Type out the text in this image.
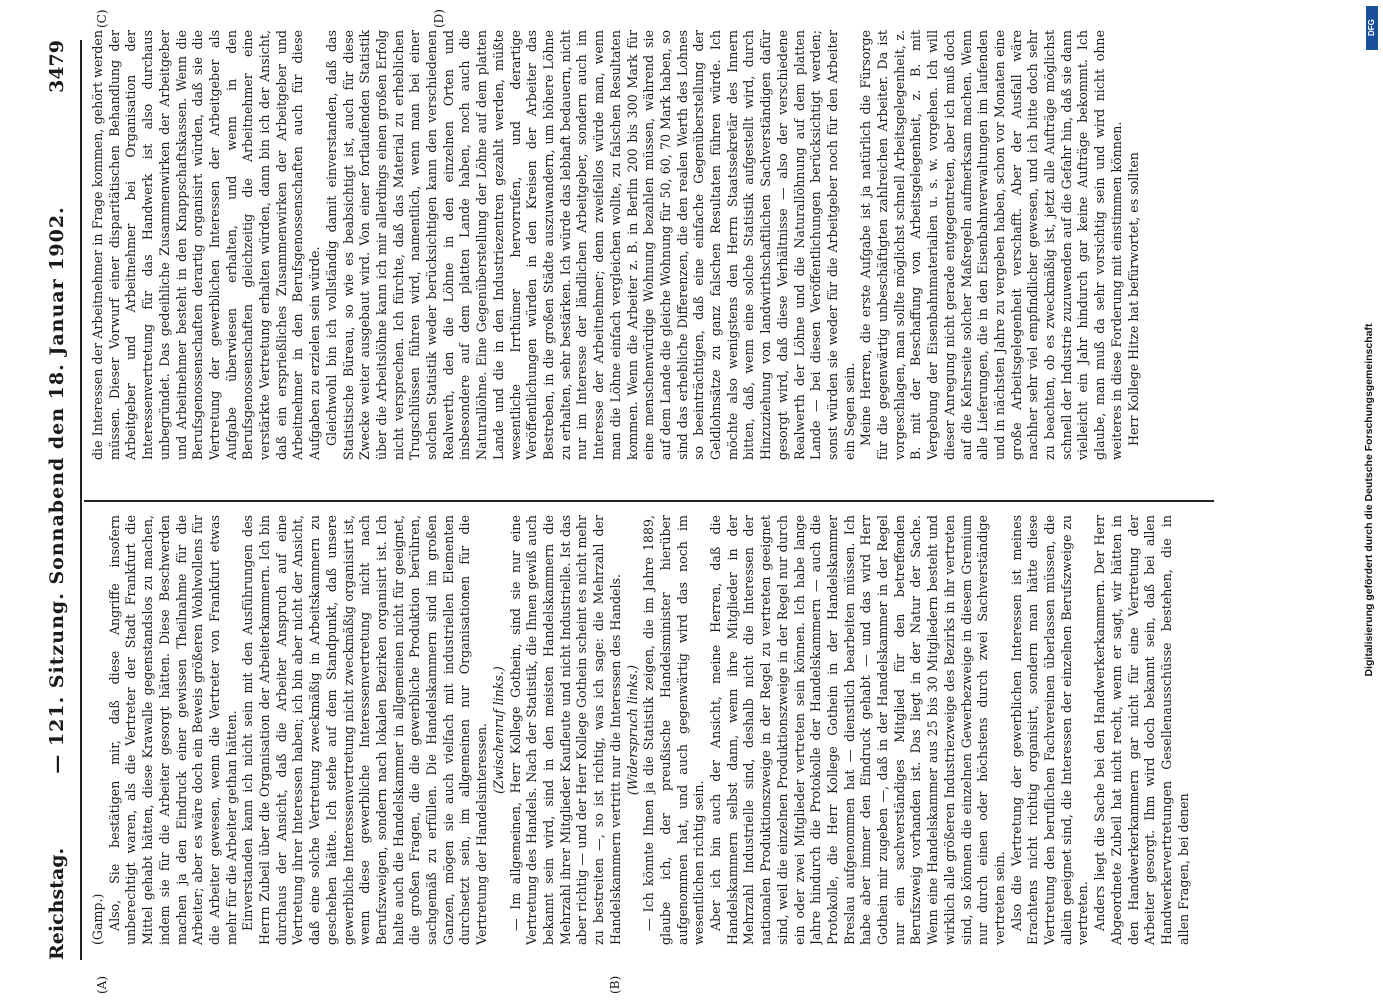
Reichstag.
— 121. Sitzung. Sonnabend den 18. Januar 1902.
3479
(A)	(B)
(C)	(D)

(Gamp.) Also, Sie bestätigen mir, daß diese Angriffe insofern unberechtigt waren, als die Vertreter der Stadt Frankfurt die Mittel gehabt hätten, diese Krawalle gegenstandslos zu machen, indem sie für die Arbeiter gesorgt hätten. Diese Beschwerden machen ja den Eindruck einer gewissen Theilnahme für die Arbeiter; aber es wäre doch ein Beweis größeren Wohlwollens für die Arbeiter gewesen, wenn die Vertreter von Frankfurt etwas mehr für die Arbeiter gethan hätten. Einverstanden kann ich nicht sein mit den Ausführungen des Herrn Zubeil über die Organisation der Arbeiterkammern. Ich bin durchaus der Ansicht, daß die Arbeiter Anspruch auf eine Vertretung ihrer Interessen haben; ich bin aber nicht der Ansicht, daß eine solche Vertretung zweckmäßig in Arbeitskammern zu geschehen hätte. Ich stehe auf dem Standpunkt, daß unsere gewerbliche Interessenvertretung nicht zweckmäßig organisirt ist, wenn diese gewerbliche Interessenvertretung nicht nach Berufszweigen, sondern nach lokalen Bezirken organisirt ist. Ich halte auch die Handelskammer in allgemeinen nicht für geeignet, die großen Fragen, die die gewerbliche Produktion berühren, sachgemäß zu erfüllen. Die Handelskammern sind im großen Ganzen, mögen sie auch vielfach mit industriellen Elementen durchsetzt sein, im allgemeinen nur Organisationen für die Vertretung der Handelsinteressen. (Zwischenruf links.) — Im allgemeinen, Herr Kollege Gothein, sind sie nur eine Vertretung des Handels. Nach der Statistik, die Ihnen gewiß auch bekannt sein wird, sind in den meisten Handelskammern die Mehrzahl ihrer Mitglieder Kaufleute und nicht Industrielle. Ist das aber richtig — und der Herr Kollege Gothein scheint es nicht mehr zu bestreiten —, so ist richtig, was ich sage: die Mehrzahl der Handelskammern vertritt nur die Interessen des Handels. (Widerspruch links.) — Ich könnte Ihnen ja die Statistik zeigen, die im Jahre 1889, glaube ich, der preußische Handelsminister hierüber aufgenommen hat, und auch gegenwärtig wird das noch im wesentlichen richtig sein. Aber ich bin auch der Ansicht, meine Herren, daß die Handelskammern selbst dann, wenn ihre Mitglieder in der Mehrzahl Industrielle sind, deshalb nicht die Interessen der nationalen Produktionszweige in der Regel zu vertreten geeignet sind, weil die einzelnen Produktionszweige in der Regel nur durch ein oder zwei Mitglieder vertreten sein können. Ich habe lange Jahre hindurch die Protokolle der Handelskammern — auch die Protokolle, die Herr Kollege Gothein in der Handelskammer Breslau aufgenommen hat — dienstlich bearbeiten müssen. Ich habe aber immer den Eindruck gehabt — und das wird Herr Gothein mir zugeben —, daß in der Handelskammer in der Regel nur ein sachverständiges Mitglied für den betreffenden Berufszweig vorhanden ist. Das liegt in der Natur der Sache. Wenn eine Handelskammer aus 25 bis 30 Mitgliedern besteht und wirklich alle größeren Industriezweige des Bezirks in ihr vertreten sind, so können die einzelnen Gewerbezweige in diesem Gremium nur durch einen oder höchstens durch zwei Sachverständige vertreten sein. Also die Vertretung der gewerblichen Interessen ist meines Erachtens nicht richtig organisirt, sondern man hätte diese Vertretung den beruflichen Fachvereinen überlassen müssen, die allein geeignet sind, die Interessen der einzelnen Berufszweige zu vertreten. Anders liegt die Sache bei den Handwerkerkammern. Der Herr Abgeordnete Zubeil hat nicht recht, wenn er sagt, wir hätten in den Handwerkerkammern gar nicht für eine Vertretung der Arbeiter gesorgt. Ihm wird doch bekannt sein, daß bei allen Handwerkervertretungen Gesellenausschüsse bestehen, die in allen Fragen, bei denen

die Interessen der Arbeitnehmer in Frage kommen, gehört werden müssen. Dieser Vorwurf einer disparitätischen Behandlung der Arbeitgeber und Arbeitnehmer bei Organisation der Interessenvertretung für das Handwerk ist also durchaus unbegründet. Das gedeihliche Zusammenwirken der Arbeitgeber und Arbeitnehmer besteht in den Knappschaftskassen. Wenn die Berufsgenossenschaften derartig organisirt würden, daß sie die Vertretung der gewerblichen Interessen der Arbeitgeber als Aufgabe überwiesen erhalten, und wenn in den Berufsgenossenschaften gleichzeitig die Arbeitnehmer eine verstärkte Vertretung erhalten würden, dann bin ich der Ansicht, daß ein ersprießliches Zusammenwirken der Arbeitgeber und Arbeitnehmer in den Berufsgenossenschaften auch für diese Aufgaben zu erzielen sein würde. Gleichwohl bin ich vollständig damit einverstanden, daß das Statistische Büreau, so wie es beabsichtigt ist, auch für diese Zwecke weiter ausgebaut wird. Von einer fortlaufenden Statistik über die Arbeitslöhne kann ich mir allerdings einen großen Erfolg nicht versprechen. Ich fürchte, daß das Material zu erheblichen Trugschlüssen führen wird, namentlich, wenn man bei einer solchen Statistik weder berücksichtigen kann den verschiedenen Realwerth, den die Löhne in den einzelnen Orten und insbesondere auf dem platten Lande haben, noch auch die Naturallöhne. Eine Gegenüberstellung der Löhne auf dem platten Lande und die in den Industriezentren gezahlt werden, müßte wesentliche Irrthümer hervorrufen, und derartige Veröffentlichungen würden in den Kreisen der Arbeiter das Bestreben, in die großen Städte auszuwandern, um höhere Löhne zu erhalten, sehr bestärken. Ich würde das lebhaft bedauern, nicht nur im Interesse der ländlichen Arbeitgeber, sondern auch im Interesse der Arbeitnehmer; denn zweifellos würde man, wenn man die Löhne einfach vergleichen wollte, zu falschen Resultaten kommen. Wenn die Arbeiter z. B. in Berlin 200 bis 300 Mark für eine menschenwürdige Wohnung bezahlen müssen, während sie auf dem Lande die gleiche Wohnung für 50, 60, 70 Mark haben, so sind das erhebliche Differenzen, die den realen Werth des Lohnes so beeinträchtigen, daß eine einfache Gegenüberstellung der Geldlohnsätze zu ganz falschen Resultaten führen würde. Ich möchte also wenigstens den Herrn Staatssekretär des Innern bitten, daß, wenn eine solche Statistik aufgestellt wird, durch Hinzuziehung von landwirthschaftlichen Sachverständigen dafür gesorgt wird, daß diese Verhältnisse — also der verschiedene Realwerth der Löhne und die Naturallöhnung auf dem platten Lande — bei diesen Veröffentlichungen berücksichtigt werden; sonst würden sie weder für die Arbeitgeber noch für den Arbeiter ein Segen sein. Meine Herren, die erste Aufgabe ist ja natürlich die Fürsorge für die gegenwärtig unbeschäftigten zahlreichen Arbeiter. Da ist vorgeschlagen, man sollte möglichst schnell Arbeitsgelegenheit, z. B. mit der Beschaffung von Arbeitsgelegenheit, z. B. mit Vergebung der Eisenbahnmaterialien u. s. w. vorgehen. Ich will dieser Anregung nicht gerade entgegentreten, aber ich muß doch auf die Kehrseite solcher Maßregeln aufmerksam machen. Wenn alle Lieferungen, die in den Eisenbahnverwaltungen im laufenden und in nächsten Jahre zu vergeben haben, schon vor Monaten eine große Arbeitsgelegenheit verschafft. Aber der Ausfall wäre nachher sehr viel empfindlicher gewesen, und ich bitte doch sehr zu beachten, ob es zweckmäßig ist, jetzt alle Aufträge möglichst schnell der Industrie zuzuwenden auf die Gefahr hin, daß sie dann vielleicht ein Jahr hindurch gar keine Aufträge bekommt. Ich glaube, man muß da sehr vorsichtig sein und wird nicht ohne weiteres in diese Forderung mit einstimmen können. Herr Kollege Hitze hat befürwortet, es sollten

DFG
Digitalisierung gefördert durch die Deutsche Forschungsgemeinschaft
